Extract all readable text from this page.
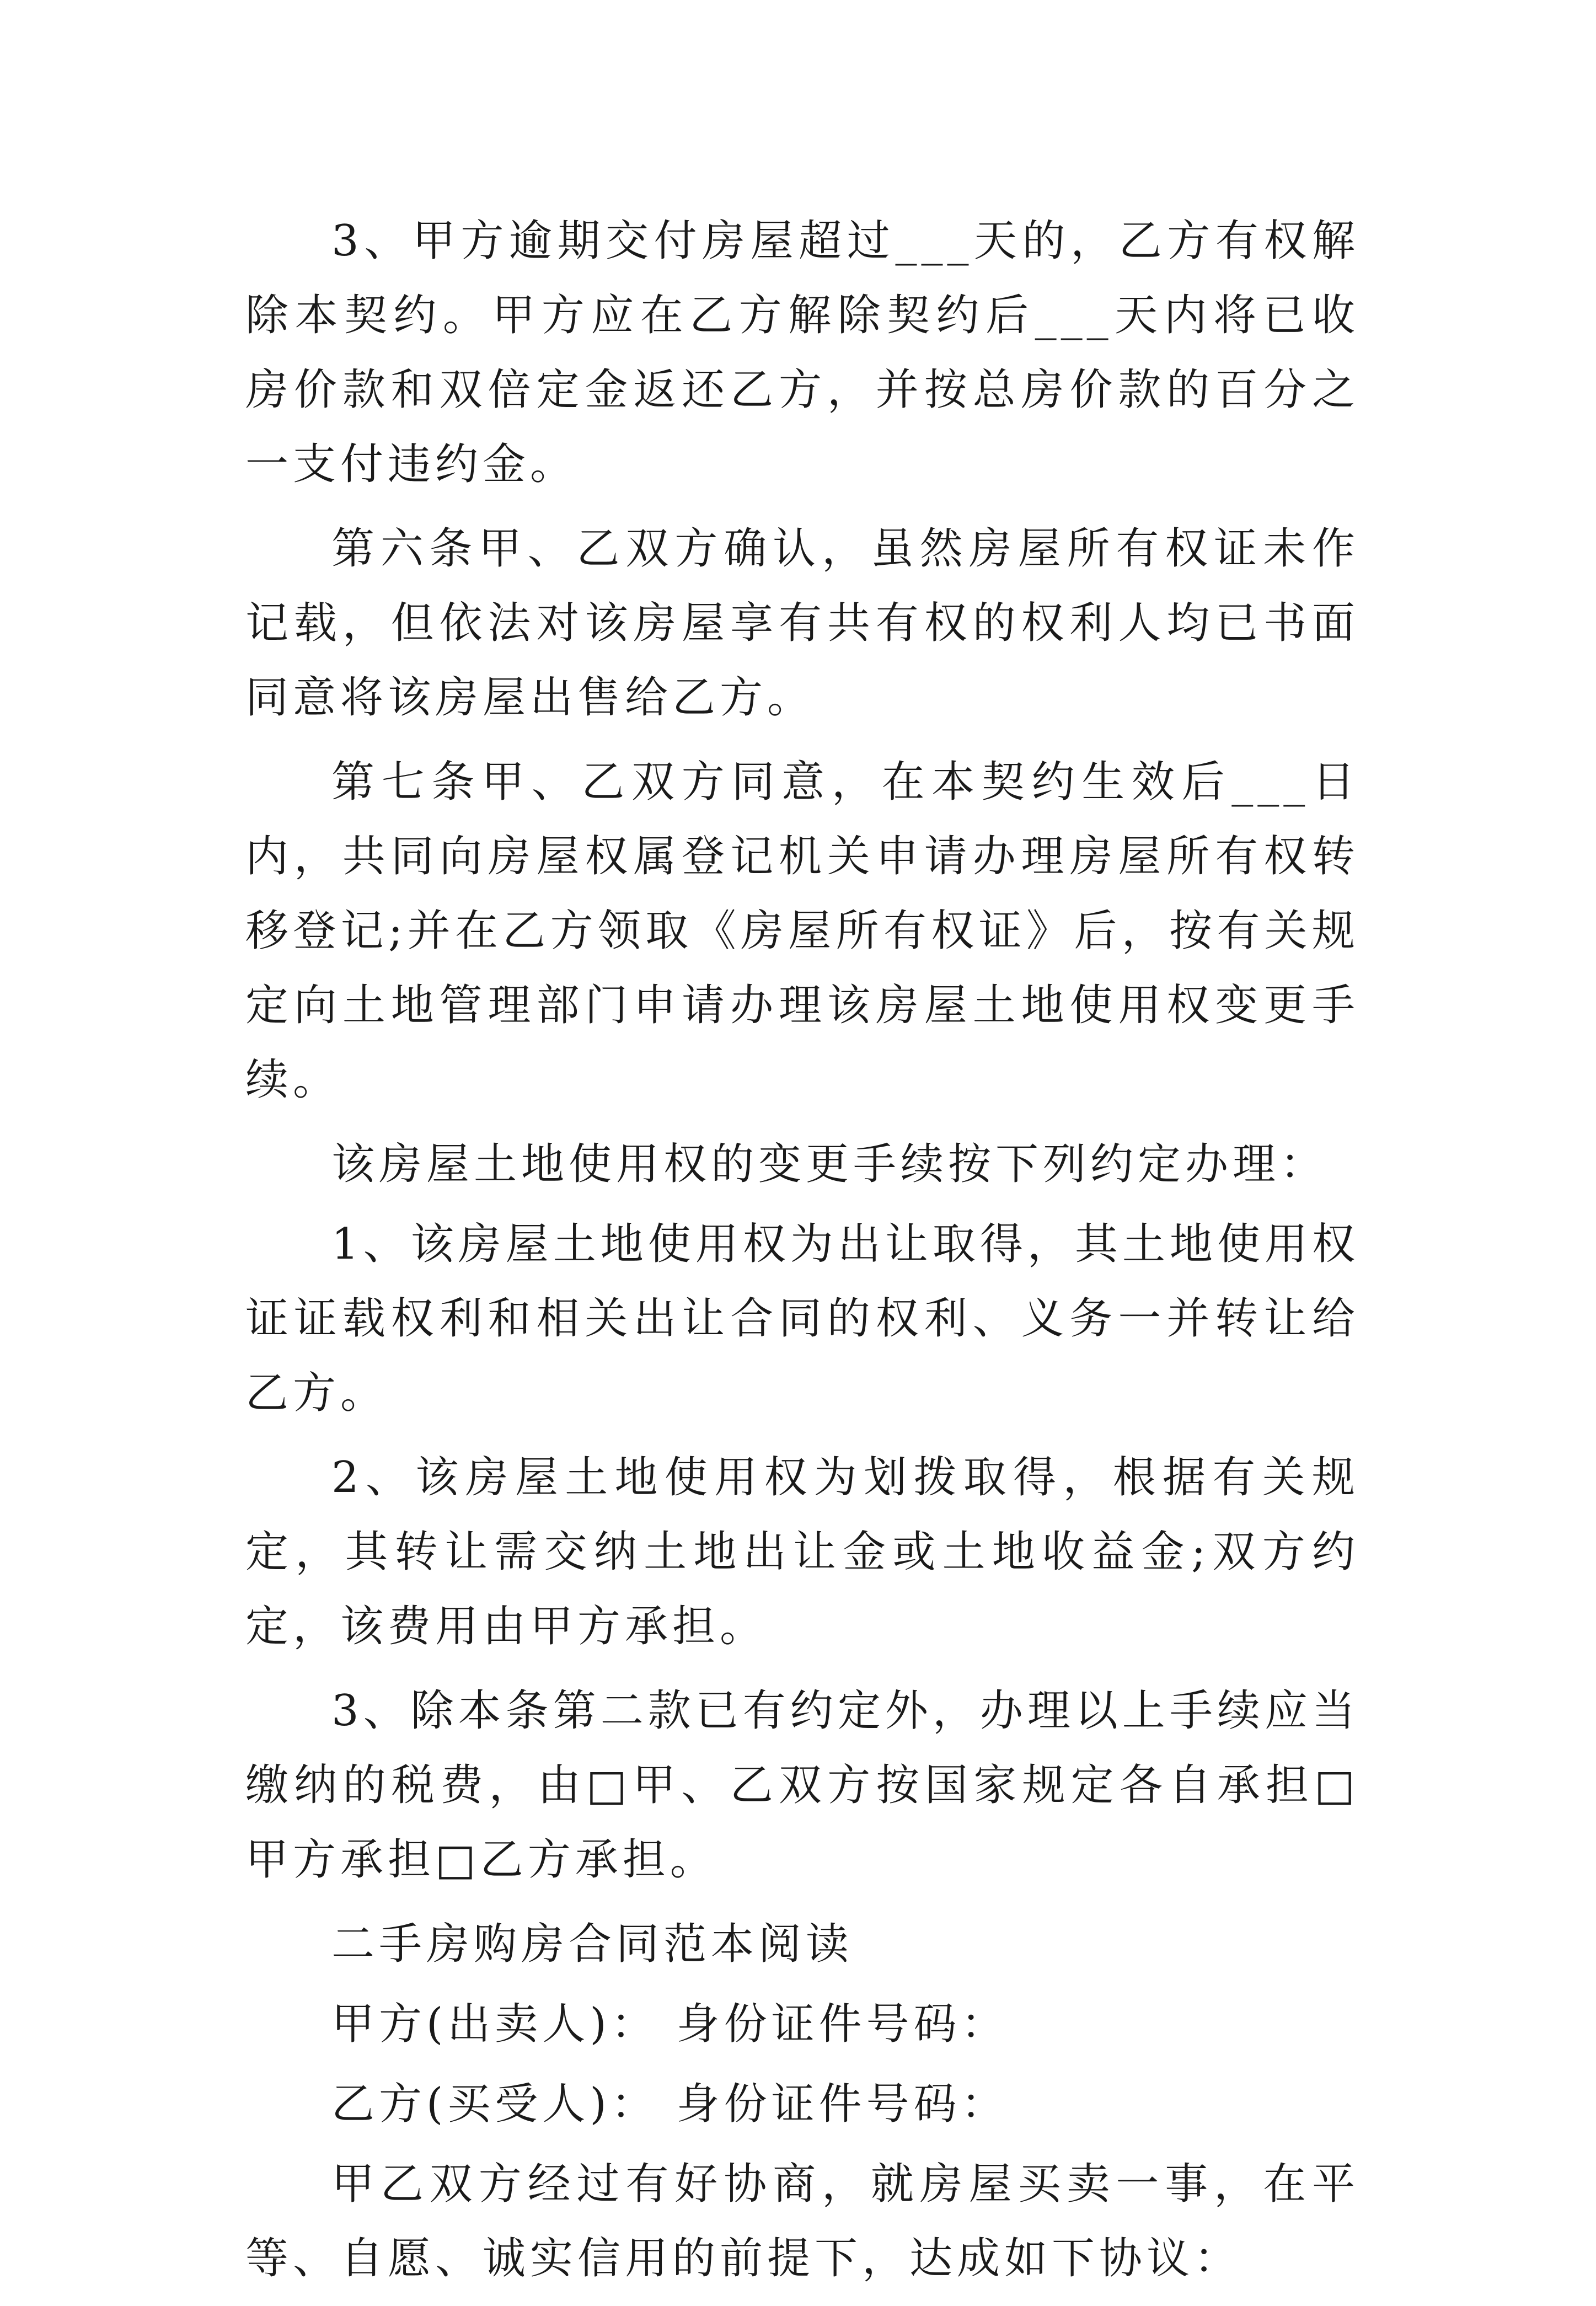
3、甲方逾期交付房屋超过___天的，乙方有权解除本契约。甲方应在乙方解除契约后___天内将已收房价款和双倍定金返还乙方，并按总房价款的百分之一支付违约金。

第六条甲、乙双方确认，虽然房屋所有权证未作记载，但依法对该房屋享有共有权的权利人均已书面同意将该房屋出售给乙方。

第七条甲、乙双方同意，在本契约生效后___日内，共同向房屋权属登记机关申请办理房屋所有权转移登记;并在乙方领取《房屋所有权证》后，按有关规定向土地管理部门申请办理该房屋土地使用权变更手续。

该房屋土地使用权的变更手续按下列约定办理：

1、该房屋土地使用权为出让取得，其土地使用权证证载权利和相关出让合同的权利、义务一并转让给乙方。

2、该房屋土地使用权为划拨取得，根据有关规定，其转让需交纳土地出让金或土地收益金;双方约定，该费用由甲方承担。

3、除本条第二款已有约定外，办理以上手续应当缴纳的税费，由□甲、乙双方按国家规定各自承担□甲方承担□乙方承担。

二手房购房合同范本阅读

甲方(出卖人)： 身份证件号码：

乙方(买受人)： 身份证件号码：

甲乙双方经过有好协商，就房屋买卖一事，在平等、自愿、诚实信用的前提下，达成如下协议：
